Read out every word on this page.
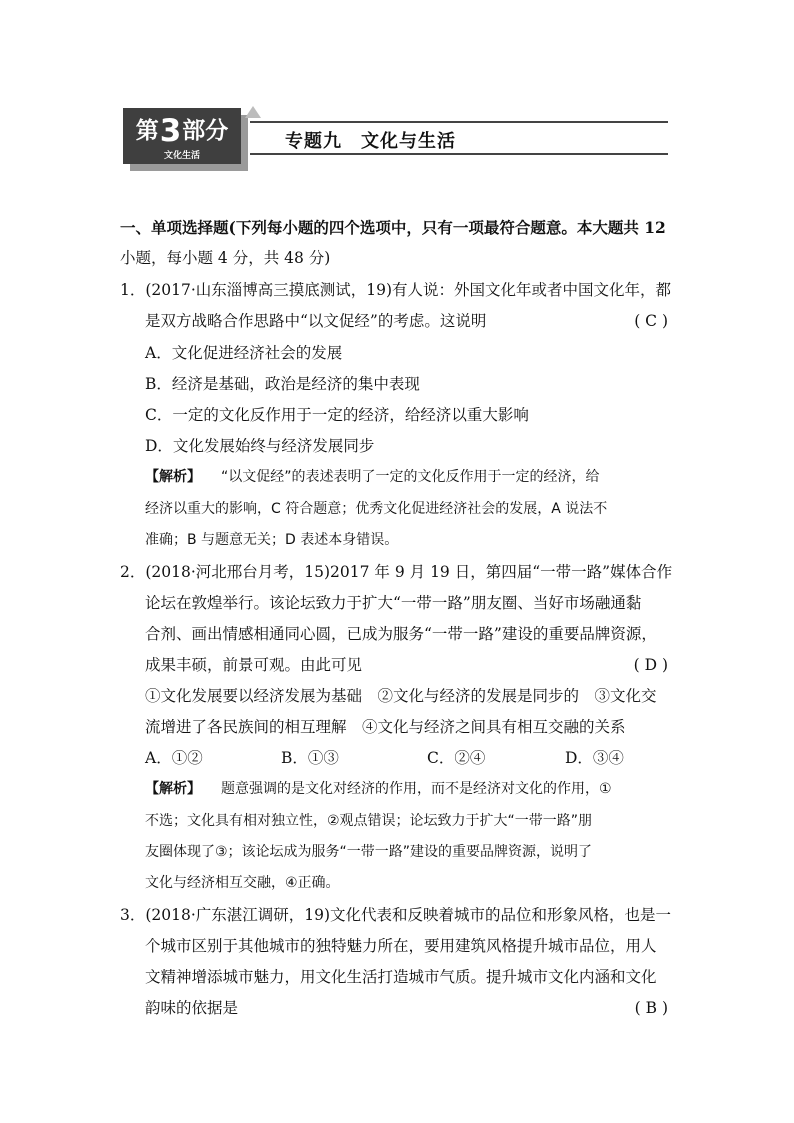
第3部分
文化生活
专题九　文化与生活
一、单项选择题(下列每小题的四个选项中，只有一项最符合题意。本大题共 12
小题，每小题 4 分，共 48 分)
1．(2017·山东淄博高三摸底测试，19)有人说：外国文化年或者中国文化年，都
是双方战略合作思路中“以文促经”的考虑。这说明	( C )
A．文化促进经济社会的发展
B．经济是基础，政治是经济的集中表现
C．一定的文化反作用于一定的经济，给经济以重大影响
D．文化发展始终与经济发展同步
【解析】 “以文促经”的表述表明了一定的文化反作用于一定的经济，给
经济以重大的影响，C 符合题意；优秀文化促进经济社会的发展，A 说法不
准确；B 与题意无关；D 表述本身错误。
2．(2018·河北邢台月考，15)2017 年 9 月 19 日，第四届“一带一路”媒体合作
论坛在敦煌举行。该论坛致力于扩大“一带一路”朋友圈、当好市场融通黏
合剂、画出情感相通同心圆，已成为服务“一带一路”建设的重要品牌资源，
成果丰硕，前景可观。由此可见	( D )
①文化发展要以经济发展为基础　②文化与经济的发展是同步的　③文化交
流增进了各民族间的相互理解　④文化与经济之间具有相互交融的关系
A．①②	B．①③	C．②④	D．③④
【解析】 题意强调的是文化对经济的作用，而不是经济对文化的作用，①
不选；文化具有相对独立性，②观点错误；论坛致力于扩大“一带一路”朋
友圈体现了③；该论坛成为服务“一带一路”建设的重要品牌资源，说明了
文化与经济相互交融，④正确。
3．(2018·广东湛江调研，19)文化代表和反映着城市的品位和形象风格，也是一
个城市区别于其他城市的独特魅力所在，要用建筑风格提升城市品位，用人
文精神增添城市魅力，用文化生活打造城市气质。提升城市文化内涵和文化
韵味的依据是	( B )
